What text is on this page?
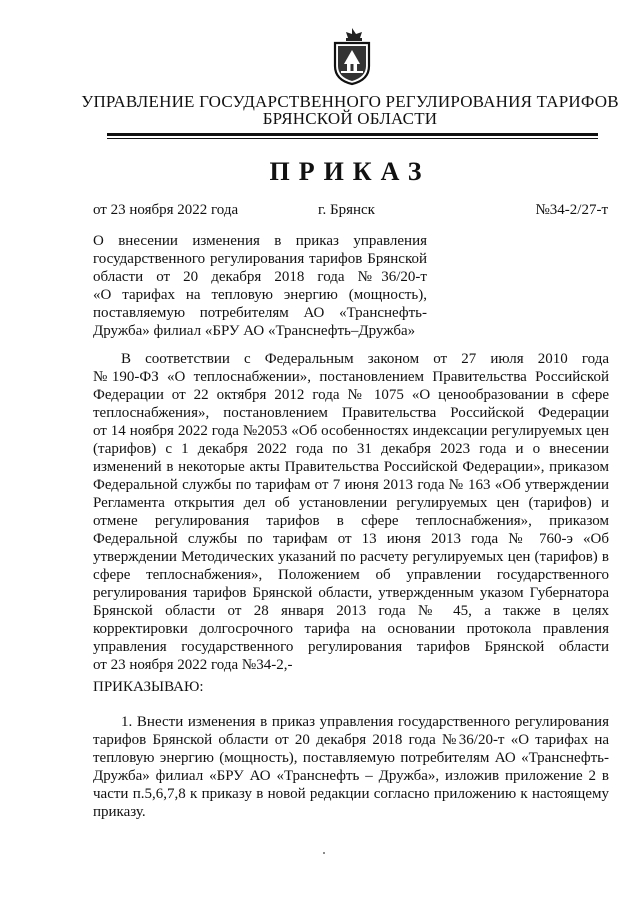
УПРАВЛЕНИЕ ГОСУДАРСТВЕННОГО РЕГУЛИРОВАНИЯ ТАРИФОВ
БРЯНСКОЙ ОБЛАСТИ
ПРИКАЗ
от 23 ноября 2022 года	г. Брянск	№34-2/27-т
О внесении изменения в приказ управления
государственного регулирования тарифов Брянской
области от 20 декабря 2018 года №36/20-т
«О тарифах на тепловую энергию (мощность),
поставляемую потребителям АО «Транснефть-
Дружба» филиал «БРУ АО «Транснефть–Дружба»
В соответствии с Федеральным законом от 27 июля 2010 года
№190-ФЗ «О теплоснабжении», постановлением Правительства Российской
Федерации от 22 октября 2012 года № 1075 «О ценообразовании в сфере
теплоснабжения», постановлением Правительства Российской Федерации
от 14 ноября 2022 года №2053 «Об особенностях индексации регулируемых цен
(тарифов) с 1 декабря 2022 года по 31 декабря 2023 года и о внесении
изменений в некоторые акты Правительства Российской Федерации», приказом
Федеральной службы по тарифам от 7 июня 2013 года № 163 «Об утверждении
Регламента открытия дел об установлении регулируемых цен (тарифов) и
отмене регулирования тарифов в сфере теплоснабжения», приказом
Федеральной службы по тарифам от 13 июня 2013 года № 760-э «Об
утверждении Методических указаний по расчету регулируемых цен (тарифов) в
сфере теплоснабжения», Положением об управлении государственного
регулирования тарифов Брянской области, утвержденным указом Губернатора
Брянской области от 28 января 2013 года № 45, а также в целях
корректировки долгосрочного тарифа на основании протокола правления
управления государственного регулирования тарифов Брянской области
от 23 ноября 2022 года №34-2,-
ПРИКАЗЫВАЮ:
1. Внести изменения в приказ управления государственного регулирования
тарифов Брянской области от 20 декабря 2018 года №36/20-т «О тарифах на
тепловую энергию (мощность), поставляемую потребителям АО «Транснефть-
Дружба» филиал «БРУ АО «Транснефть – Дружба», изложив приложение 2 в
части п.5,6,7,8 к приказу в новой редакции согласно приложению к настоящему
приказу.
